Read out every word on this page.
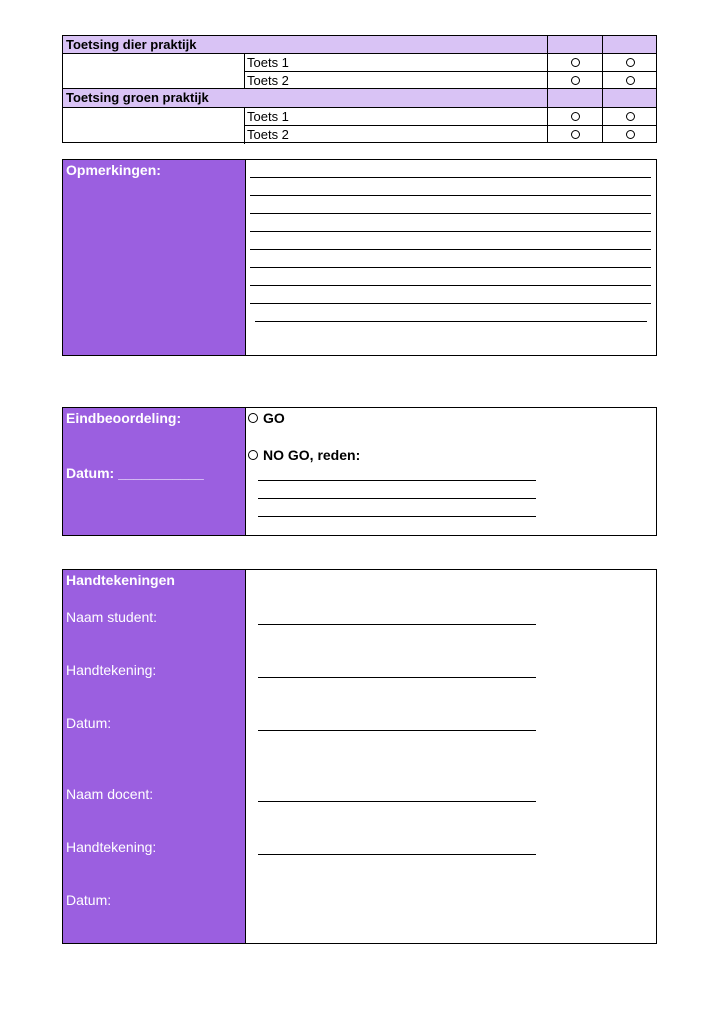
Toetsing dier praktijk
Toetsing groen praktijk
Toets 1
Toets 2
Toets 1
Toets 2
Opmerkingen:
Eindbeoordeling:
Datum: ___________
GO
NO GO, reden:
Handtekeningen
Naam student:
Handtekening:
Datum:
Naam docent:
Handtekening:
Datum:
